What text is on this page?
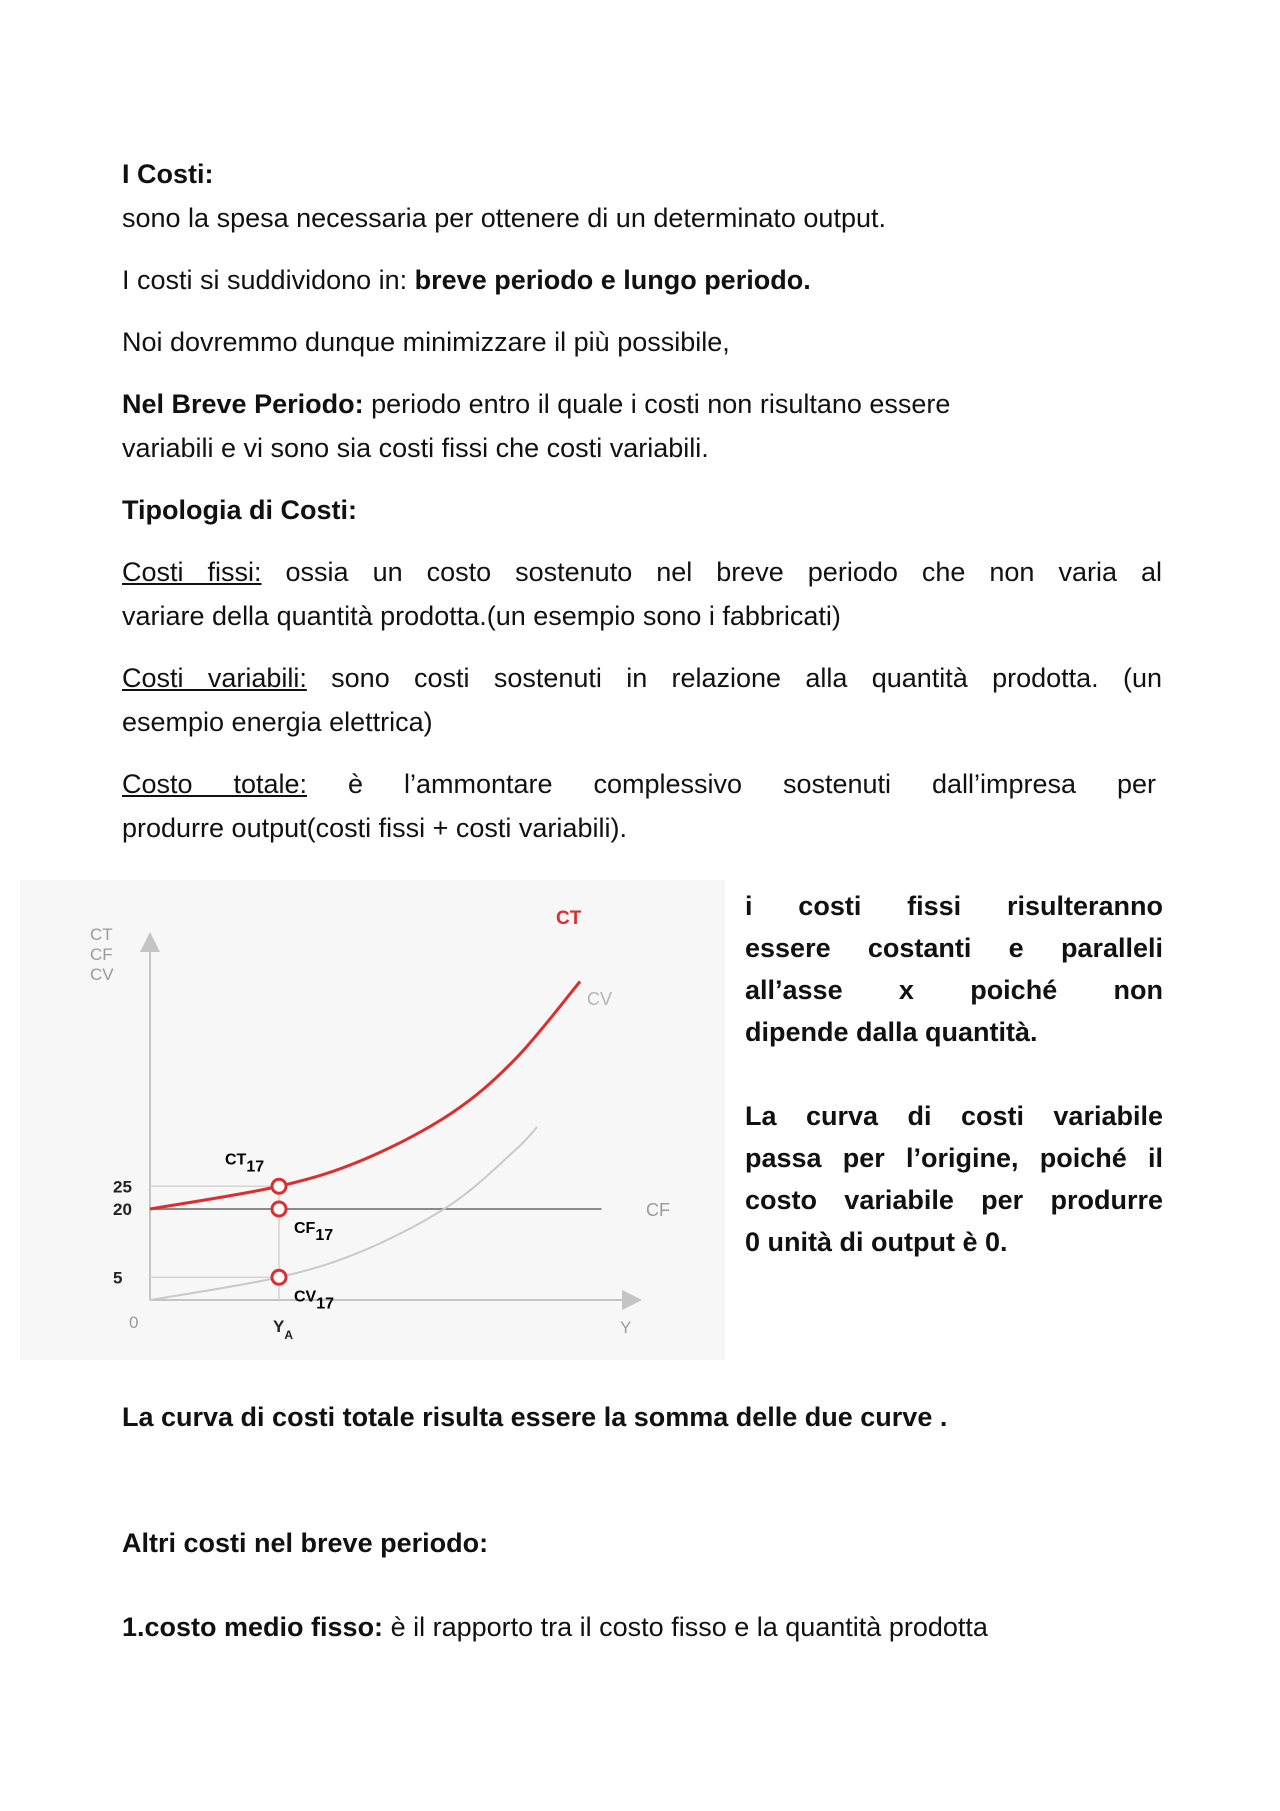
I Costi:

sono la spesa necessaria per ottenere di un determinato output.

I costi si suddividono in: breve periodo e lungo periodo.

Noi dovremmo dunque minimizzare il più possibile,

Nel Breve Periodo: periodo entro il quale i costi non risultano essere
variabili e vi sono sia costi fissi che costi variabili.

Tipologia di Costi:

Costi fissi: ossia un costo sostenuto nel breve periodo che non varia al
variare della quantità prodotta.(un esempio sono i fabbricati)

Costi variabili: sono costi sostenuti in relazione alla quantità prodotta. (un
esempio energia elettrica)

Costo totale: è l’ammontare complessivo sostenuti dall’impresa per
produrre output(costi fissi + costi variabili).

CT
CF
CV
25
20
5
0	$Y_A$	Y
CT17
CF17
CV17
CT
CV
CF
i costi fissi risulteranno
essere costanti e paralleli
all’asse x poiché non
dipende dalla quantità.
La curva di costi variabile
passa per l’origine, poiché il
costo variabile per produrre
0 unità di output è 0.

La curva di costi totale risulta essere la somma delle due curve .

Altri costi nel breve periodo:

1.costo medio fisso: è il rapporto tra il costo fisso e la quantità prodotta
